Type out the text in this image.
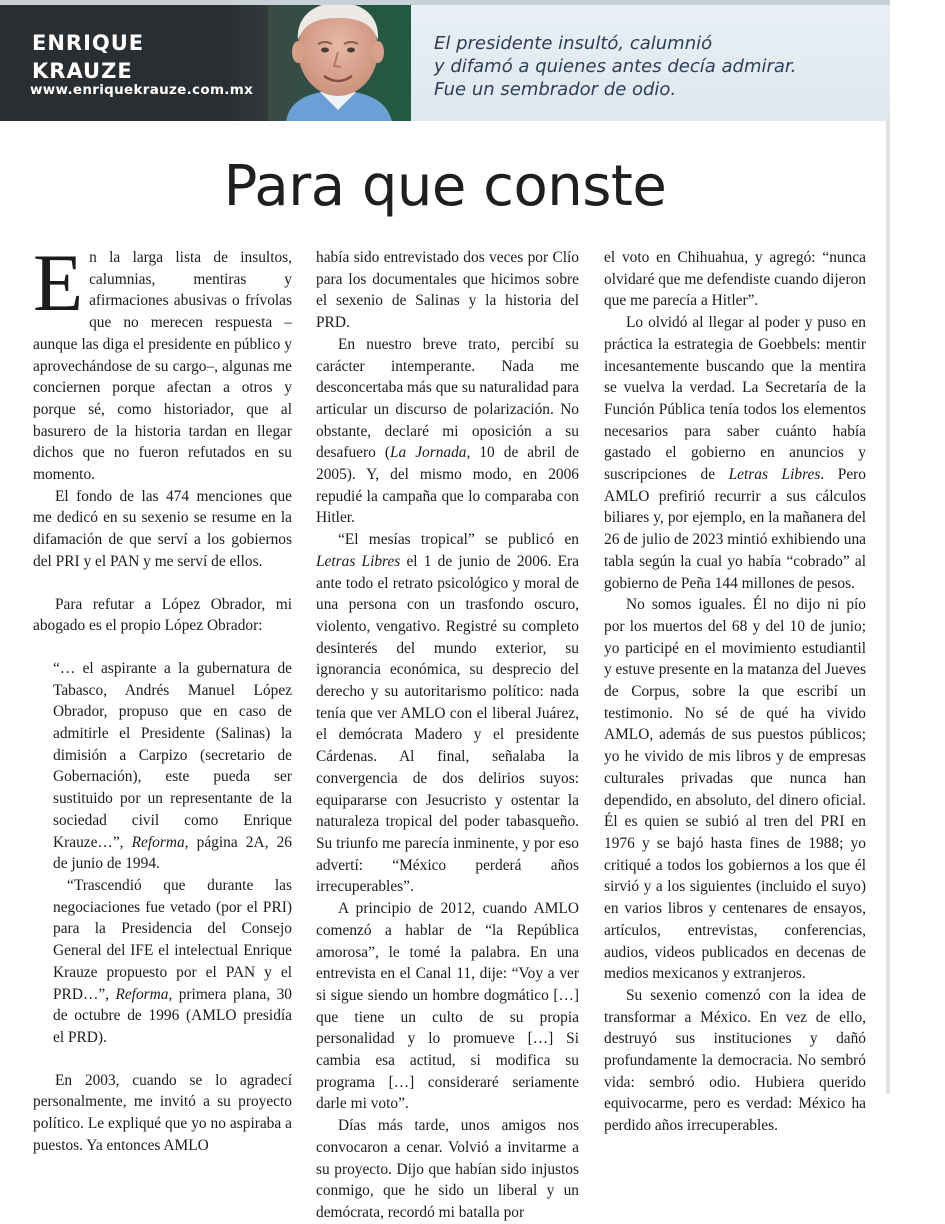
ENRIQUE
KRAUZE
www.enriquekrauze.com.mx
El presidente insultó, calumnió
y difamó a quienes antes decía admirar.
Fue un sembrador de odio.
Para que conste

En la larga lista de insultos, calumnias, mentiras y afirmaciones abusivas o frívolas que no merecen respuesta –aunque las diga el presidente en público y aprovechándose de su cargo–, algunas me conciernen porque afectan a otros y porque sé, como historiador, que al basurero de la historia tardan en llegar dichos que no fueron refutados en su momento.

El fondo de las 474 menciones que me dedicó en su sexenio se resume en la difamación de que serví a los gobiernos del PRI y el PAN y me serví de ellos.

Para refutar a López Obrador, mi abogado es el propio López Obrador:

“… el aspirante a la gubernatura de Tabasco, Andrés Manuel López Obrador, propuso que en caso de admitirle el Presidente (Salinas) la dimisión a Carpizo (secretario de Gobernación), este pueda ser sustituido por un representante de la sociedad civil como Enrique Krauze…”, Reforma, página 2A, 26 de junio de 1994.

“Trascendió que durante las negociaciones fue vetado (por el PRI) para la Presidencia del Consejo General del IFE el intelectual Enrique Krauze propuesto por el PAN y el PRD…”, Reforma, primera plana, 30 de octubre de 1996 (AMLO presidía el PRD).

En 2003, cuando se lo agradecí personalmente, me invitó a su proyecto político. Le expliqué que yo no aspiraba a puestos. Ya entonces AMLO

había sido entrevistado dos veces por Clío para los documentales que hicimos sobre el sexenio de Salinas y la historia del PRD.

En nuestro breve trato, percibí su carácter intemperante. Nada me desconcertaba más que su naturalidad para articular un discurso de polarización. No obstante, declaré mi oposición a su desafuero (La Jornada, 10 de abril de 2005). Y, del mismo modo, en 2006 repudié la campaña que lo comparaba con Hitler.

“El mesías tropical” se publicó en Letras Libres el 1 de junio de 2006. Era ante todo el retrato psicológico y moral de una persona con un trasfondo oscuro, violento, vengativo. Registré su completo desinterés del mundo exterior, su ignorancia económica, su desprecio del derecho y su autoritarismo político: nada tenía que ver AMLO con el liberal Juárez, el demócrata Madero y el presidente Cárdenas. Al final, señalaba la convergencia de dos delirios suyos: equipararse con Jesucristo y ostentar la naturaleza tropical del poder tabasqueño. Su triunfo me parecía inminente, y por eso advertí: “México perderá años irrecuperables”.

A principio de 2012, cuando AMLO comenzó a hablar de “la República amorosa”, le tomé la palabra. En una entrevista en el Canal 11, dije: “Voy a ver si sigue siendo un hombre dogmático […] que tiene un culto de su propia personalidad y lo promueve […] Si cambia esa actitud, si modifica su programa […] consideraré seriamente darle mi voto”.

Días más tarde, unos amigos nos convocaron a cenar. Volvió a invitarme a su proyecto. Dijo que habían sido injustos conmigo, que he sido un liberal y un demócrata, recordó mi batalla por

el voto en Chihuahua, y agregó: “nunca olvidaré que me defendiste cuando dijeron que me parecía a Hitler”.

Lo olvidó al llegar al poder y puso en práctica la estrategia de Goebbels: mentir incesantemente buscando que la mentira se vuelva la verdad. La Secretaría de la Función Pública tenía todos los elementos necesarios para saber cuánto había gastado el gobierno en anuncios y suscripciones de Letras Libres. Pero AMLO prefirió recurrir a sus cálculos biliares y, por ejemplo, en la mañanera del 26 de julio de 2023 mintió exhibiendo una tabla según la cual yo había “cobrado” al gobierno de Peña 144 millones de pesos.

No somos iguales. Él no dijo ni pío por los muertos del 68 y del 10 de junio; yo participé en el movimiento estudiantil y estuve presente en la matanza del Jueves de Corpus, sobre la que escribí un testimonio. No sé de qué ha vivido AMLO, además de sus puestos públicos; yo he vivido de mis libros y de empresas culturales privadas que nunca han dependido, en absoluto, del dinero oficial. Él es quien se subió al tren del PRI en 1976 y se bajó hasta fines de 1988; yo critiqué a todos los gobiernos a los que él sirvió y a los siguientes (incluido el suyo) en varios libros y centenares de ensayos, artículos, entrevistas, conferencias, audios, videos publicados en decenas de medios mexicanos y extranjeros.

Su sexenio comenzó con la idea de transformar a México. En vez de ello, destruyó sus instituciones y dañó profundamente la democracia. No sembró vida: sembró odio. Hubiera querido equivocarme, pero es verdad: México ha perdido años irrecuperables.
